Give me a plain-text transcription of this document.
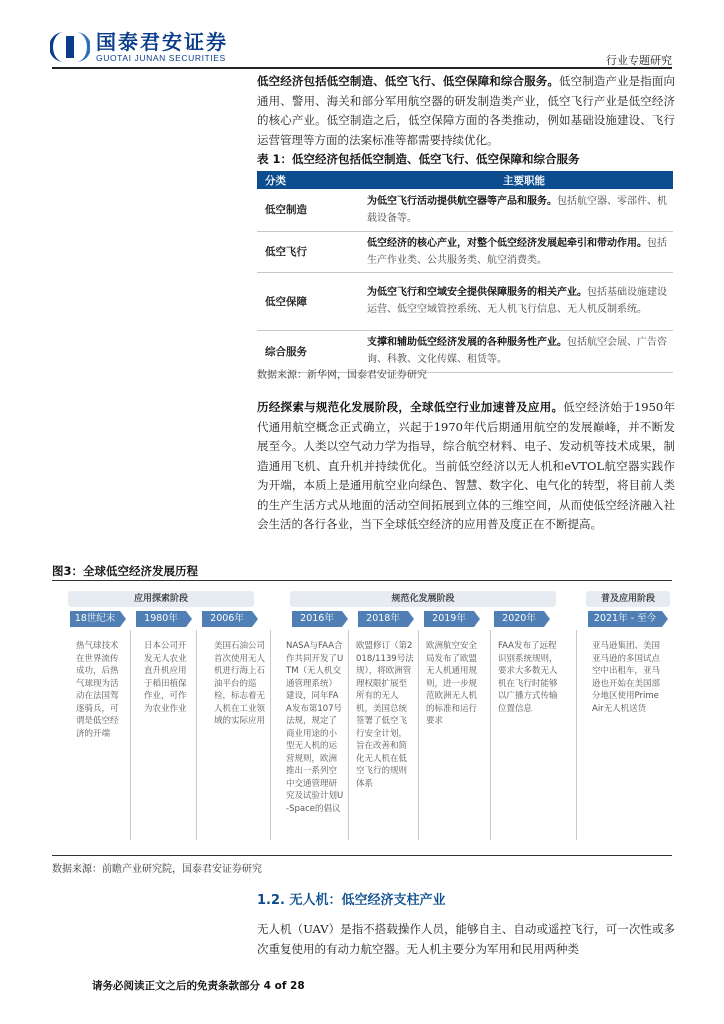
国泰君安证券
GUOTAI JUNAN SECURITIES	行业专题研究
低空经济包括低空制造、低空飞行、低空保障和综合服务。低空制造产业是指面向通用、警用、海关和部分军用航空器的研发制造类产业，低空飞行产业是低空经济的核心产业。低空制造之后，低空保障方面的各类推动，例如基础设施建设、飞行运营管理等方面的法案标准等都需要持续优化。
表 1：低空经济包括低空制造、低空飞行、低空保障和综合服务
分类	主要职能
低空制造	为低空飞行活动提供航空器等产品和服务。包括航空器、零部件、机载设备等。
低空飞行	低空经济的核心产业，对整个低空经济发展起牵引和带动作用。包括生产作业类、公共服务类、航空消费类。
低空保障	为低空飞行和空域安全提供保障服务的相关产业。包括基础设施建设运营、低空空域管控系统、无人机飞行信息、无人机反制系统。
综合服务	支撑和辅助低空经济发展的各种服务性产业。包括航空会展、广告咨询、科教、文化传媒、租赁等。
数据来源：新华网，国泰君安证券研究
历经探索与规范化发展阶段，全球低空行业加速普及应用。低空经济始于1950年代通用航空概念正式确立，兴起于1970年代后期通用航空的发展巅峰，并不断发展至今。人类以空气动力学为指导，综合航空材料、电子、发动机等技术成果，制造通用飞机、直升机并持续优化。当前低空经济以无人机和eVTOL航空器实践作为开端，本质上是通用航空业向绿色、智慧、数字化、电气化的转型，将目前人类的生产生活方式从地面的活动空间拓展到立体的三维空间，从而使低空经济融入社会生活的各行各业，当下全球低空经济的应用普及度正在不断提高。
图3：全球低空经济发展历程
应用探索阶段	规范化发展阶段	普及应用阶段
18世纪末	1980年	2006年	2016年	2018年	2019年	2020年	2021年 - 至今
热气球技术在世界流传成功，后热气球现为活动在法国驾逐骑兵，可谓是低空经济的开端
日本公司开发无人农业直升机应用于稻田植保作业，可作为农业作业
美国石油公司首次使用无人机进行海上石油平台的巡检，标志着无人机在工业领域的实际应用
NASA与FAA合作共同开发了UTM（无人机交通管理系统）建设，同年FAA发布第107号法规，规定了商业用途的小型无人机的运营规则，欧洲推出一系列空中交通管理研究及试验计划U-Space的倡议
欧盟修订（第2018/1139号法规），将欧洲管理权限扩展至所有的无人机，美国总统签署了低空飞行安全计划，旨在改善和简化无人机在低空飞行的规则体系
欧洲航空安全局发布了欧盟无人机通用规则，进一步规范欧洲无人机的标准和运行要求
FAA发布了远程识别系统规则，要求大多数无人机在飞行时能够以广播方式传输位置信息
亚马逊集团、美国亚马逊的多国试点空中出租车，亚马逊也开始在美国部分地区使用Prime Air无人机送货
数据来源：前瞻产业研究院，国泰君安证券研究
1.2. 无人机：低空经济支柱产业
无人机（UAV）是指不搭载操作人员，能够自主、自动或遥控飞行，可一次性或多次重复使用的有动力航空器。无人机主要分为军用和民用两种类
请务必阅读正文之后的免责条款部分 4 of 28
